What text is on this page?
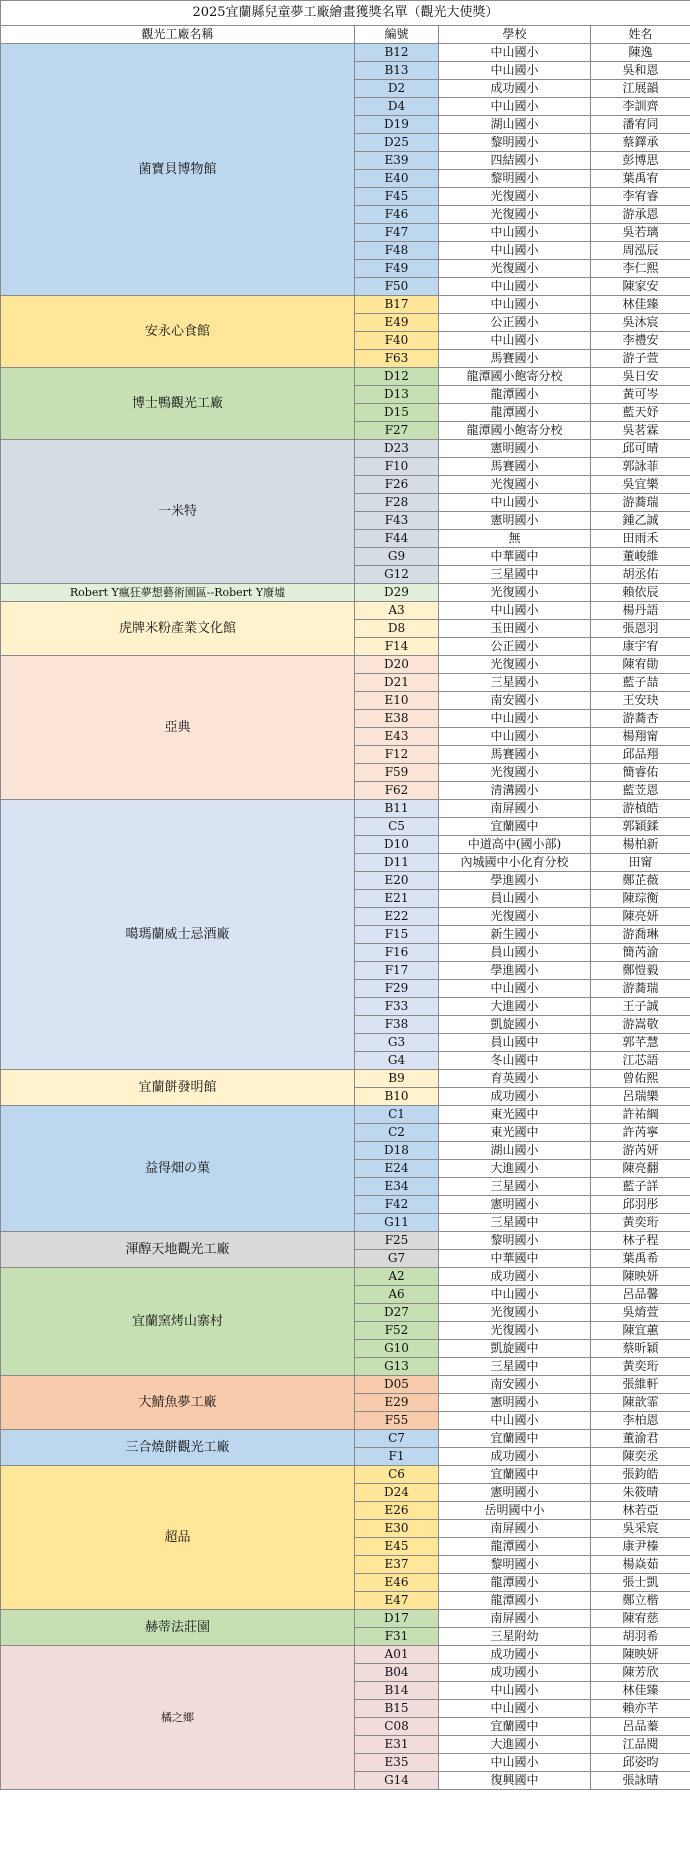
2025宜蘭縣兒童夢工廠繪畫獲獎名單（觀光大使獎）			
觀光工廠名稱	編號	學校	姓名
菌寶貝博物館	B12	中山國小	陳逸
	B13	中山國小	吳和恩
	D2	成功國小	江展韻
	D4	中山國小	李訓齊
	D19	湖山國小	潘宥同
	D25	黎明國小	蔡鐸承
	E39	四結國小	彭博思
	E40	黎明國小	葉禹宥
	F45	光復國小	李宥睿
	F46	光復國小	游承恩
	F47	中山國小	吳若璃
	F48	中山國小	周泓辰
	F49	光復國小	李仁熙
	F50	中山國小	陳家安
安永心食館	B17	中山國小	林佳臻
	E49	公正國小	吳沐宸
	F40	中山國小	李禮安
	F63	馬賽國小	游子萱
博士鴨觀光工廠	D12	龍潭國小飽寄分校	吳日安
	D13	龍潭國小	黃可岑
	D15	龍潭國小	藍天妤
	F27	龍潭國小飽寄分校	吳茗霖
一米特	D23	憲明國小	邱可晴
	F10	馬賽國小	郭詠菲
	F26	光復國小	吳宜樂
	F28	中山國小	游蕎瑞
	F43	憲明國小	鍾乙誠
	F44	無	田雨禾
	G9	中華國中	董峻維
	G12	三星國中	胡丞佑
Robert Y瘋狂夢想藝術園區--Robert Y廢墟	D29	光復國小	賴依辰
虎牌米粉產業文化館	A3	中山國小	楊丹語
	D8	玉田國小	張恩羽
	F14	公正國小	康宇宥
亞典	D20	光復國小	陳宥勛
	D21	三星國小	藍子喆
	E10	南安國小	王安玦
	E38	中山國小	游蕎杏
	E43	中山國小	楊翔甯
	F12	馬賽國小	邱品翔
	F59	光復國小	簡睿佑
	F62	清溝國小	藍苙恩
噶瑪蘭威士忌酒廠	B11	南屏國小	游楨皓
	C5	宜蘭國中	郭穎鍒
	D10	中道高中(國小部)	楊柏新
	D11	內城國中小化育分校	田甯
	E20	學進國小	鄭芷薇
	E21	員山國小	陳琮衡
	E22	光復國小	陳亮妍
	F15	新生國小	游喬琳
	F16	員山國小	簡芮渝
	F17	學進國小	鄭愷毅
	F29	中山國小	游蕎瑞
	F33	大進國小	王子誠
	F38	凱旋國小	游嵩敬
	G3	員山國中	郭芊慧
	G4	冬山國中	江芯語
宜蘭餅發明館	B9	育英國小	曾佑熙
	B10	成功國小	呂瑞樂
益得畑の菓	C1	東光國中	許祐綱
	C2	東光國中	許芮寧
	D18	湖山國小	游芮妍
	E24	大進國小	陳亮翻
	E34	三星國小	藍子詳
	F42	憲明國小	邱羽彤
	G11	三星國中	黃奕珩
渾醇天地觀光工廠	F25	黎明國小	林子程
	G7	中華國中	葉禹希
宜蘭窯烤山寨村	A2	成功國小	陳映妍
	A6	中山國小	呂品馨
	D27	光復國小	吳焴萱
	F52	光復國小	陳宜蕙
	G10	凱旋國中	蔡昕穎
	G13	三星國中	黃奕珩
大鯖魚夢工廠	D05	南安國小	張維軒
	E29	憲明國小	陳歆霏
	F55	中山國小	李柏恩
三合燒餅觀光工廠	C7	宜蘭國中	董渝君
	F1	成功國小	陳奕丞
超品	C6	宜蘭國中	張鈞皓
	D24	憲明國小	朱筱晴
	E26	岳明國中小	林若亞
	E30	南屏國小	吳采宸
	E45	龍潭國小	康尹榛
	E37	黎明國小	楊焱茹
	E46	龍潭國小	張士凱
	E47	龍潭國小	鄭立楷
赫蒂法莊園	D17	南屏國小	陳宥慈
	F31	三星附幼	胡羽希
橘之鄉	A01	成功國小	陳映妍
	B04	成功國小	陳芳欣
	B14	中山國小	林佳臻
	B15	中山國小	賴亦芊
	C08	宜蘭國中	呂品蓁
	E31	大進國小	江品閱
	E35	中山國小	邱姿昀
	G14	復興國中	張詠晴
